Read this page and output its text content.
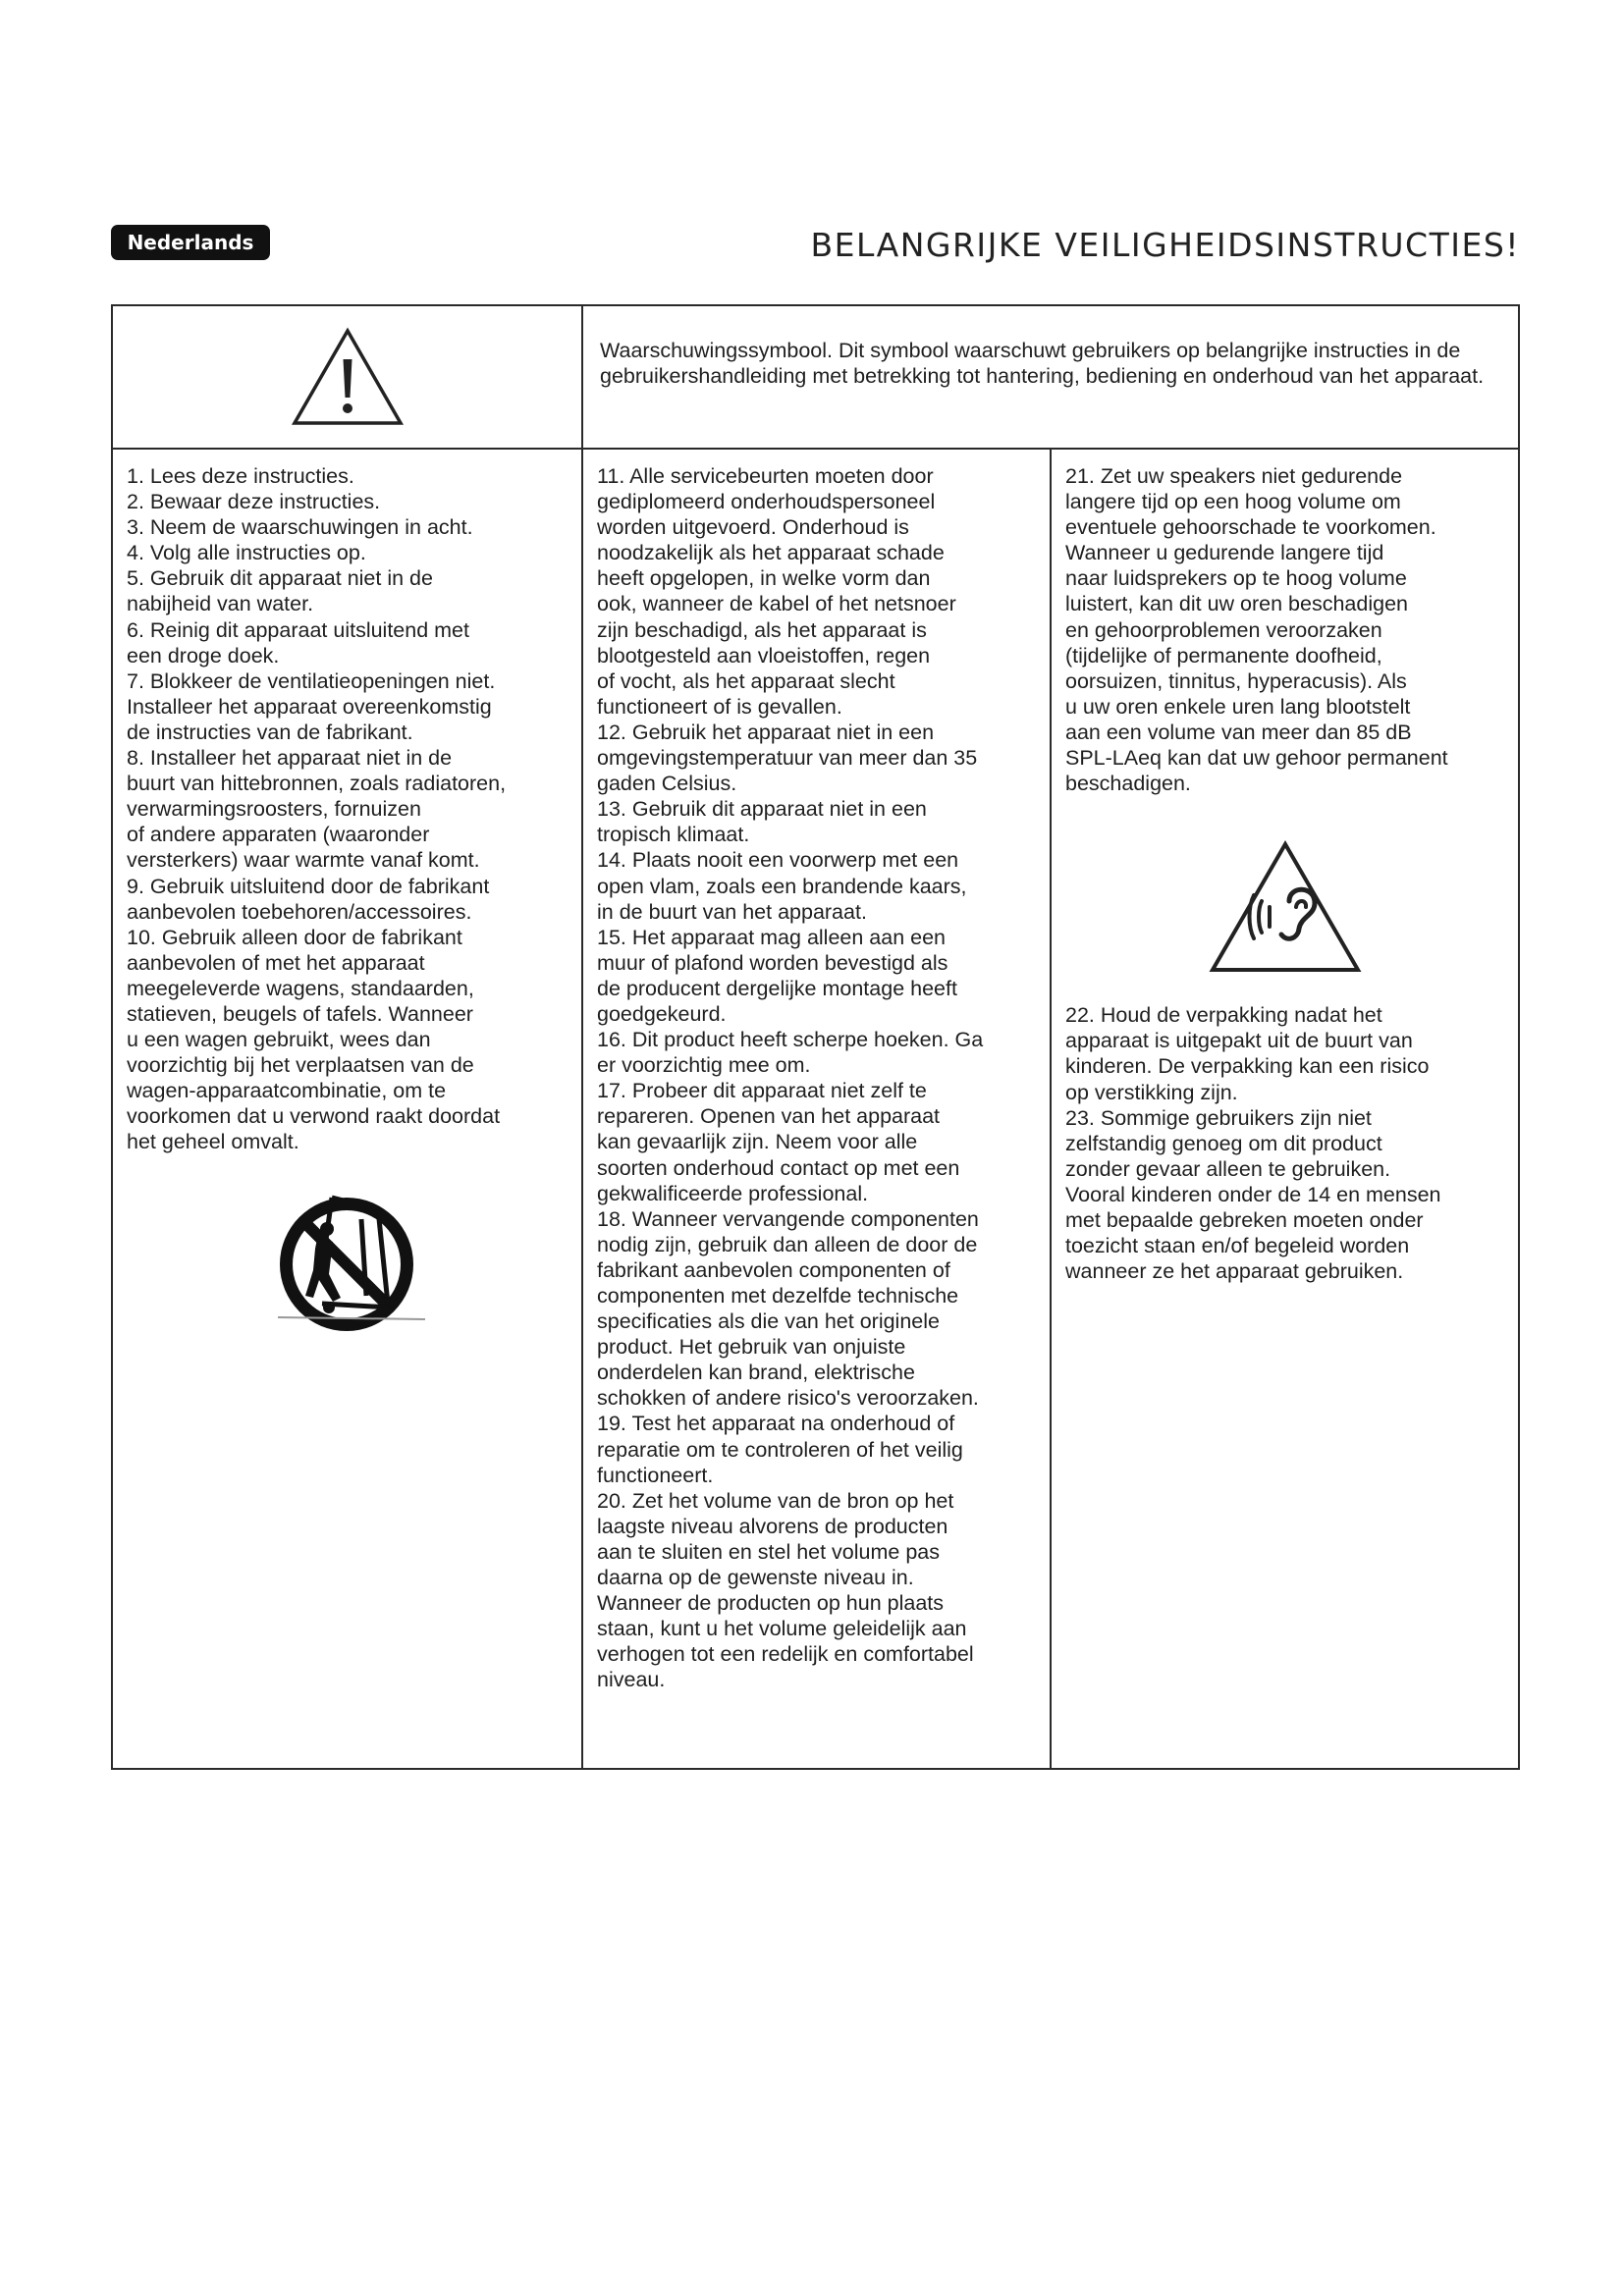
Nederlands	BELANGRIJKE VEILIGHEIDSINSTRUCTIES!
Waarschuwingssymbool. Dit symbool waarschuwt gebruikers op belangrijke instructies in de gebruikershandleiding met betrekking tot hantering, bediening en onderhoud van het apparaat.

1. Lees deze instructies.

2. Bewaar deze instructies.

3. Neem de waarschuwingen in acht.

4. Volg alle instructies op.

5. Gebruik dit apparaat niet in de

nabijheid van water.

6. Reinig dit apparaat uitsluitend met

een droge doek.

7. Blokkeer de ventilatieopeningen niet.

Installeer het apparaat overeenkomstig

de instructies van de fabrikant.

8. Installeer het apparaat niet in de

buurt van hittebronnen, zoals radiatoren,

verwarmingsroosters, fornuizen

of andere apparaten (waaronder

versterkers) waar warmte vanaf komt.

9. Gebruik uitsluitend door de fabrikant

aanbevolen toebehoren/accessoires.

10. Gebruik alleen door de fabrikant

aanbevolen of met het apparaat

meegeleverde wagens, standaarden,

statieven, beugels of tafels. Wanneer

u een wagen gebruikt, wees dan

voorzichtig bij het verplaatsen van de

wagen-apparaatcombinatie, om te

voorkomen dat u verwond raakt doordat

het geheel omvalt.

11. Alle servicebeurten moeten door

gediplomeerd onderhoudspersoneel

worden uitgevoerd. Onderhoud is

noodzakelijk als het apparaat schade

heeft opgelopen, in welke vorm dan

ook, wanneer de kabel of het netsnoer

zijn beschadigd, als het apparaat is

blootgesteld aan vloeistoffen, regen

of vocht, als het apparaat slecht

functioneert of is gevallen.

12. Gebruik het apparaat niet in een

omgevingstemperatuur van meer dan 35

gaden Celsius.

13. Gebruik dit apparaat niet in een

tropisch klimaat.

14. Plaats nooit een voorwerp met een

open vlam, zoals een brandende kaars,

in de buurt van het apparaat.

15. Het apparaat mag alleen aan een

muur of plafond worden bevestigd als

de producent dergelijke montage heeft

goedgekeurd.

16. Dit product heeft scherpe hoeken. Ga

er voorzichtig mee om.

17. Probeer dit apparaat niet zelf te

repareren. Openen van het apparaat

kan gevaarlijk zijn. Neem voor alle

soorten onderhoud contact op met een

gekwalificeerde professional.

18. Wanneer vervangende componenten

nodig zijn, gebruik dan alleen de door de

fabrikant aanbevolen componenten of

componenten met dezelfde technische

specificaties als die van het originele

product. Het gebruik van onjuiste

onderdelen kan brand, elektrische

schokken of andere risico's veroorzaken.

19. Test het apparaat na onderhoud of

reparatie om te controleren of het veilig

functioneert.

20. Zet het volume van de bron op het

laagste niveau alvorens de producten

aan te sluiten en stel het volume pas

daarna op de gewenste niveau in.

Wanneer de producten op hun plaats

staan, kunt u het volume geleidelijk aan

verhogen tot een redelijk en comfortabel

niveau.

21. Zet uw speakers niet gedurende

langere tijd op een hoog volume om

eventuele gehoorschade te voorkomen.

Wanneer u gedurende langere tijd

naar luidsprekers op te hoog volume

luistert, kan dit uw oren beschadigen

en gehoorproblemen veroorzaken

(tijdelijke of permanente doofheid,

oorsuizen, tinnitus, hyperacusis). Als

u uw oren enkele uren lang blootstelt

aan een volume van meer dan 85 dB

SPL-LAeq kan dat uw gehoor permanent

beschadigen.

22. Houd de verpakking nadat het

apparaat is uitgepakt uit de buurt van

kinderen. De verpakking kan een risico

op verstikking zijn.

23. Sommige gebruikers zijn niet

zelfstandig genoeg om dit product

zonder gevaar alleen te gebruiken.

Vooral kinderen onder de 14 en mensen

met bepaalde gebreken moeten onder

toezicht staan en/of begeleid worden

wanneer ze het apparaat gebruiken.
